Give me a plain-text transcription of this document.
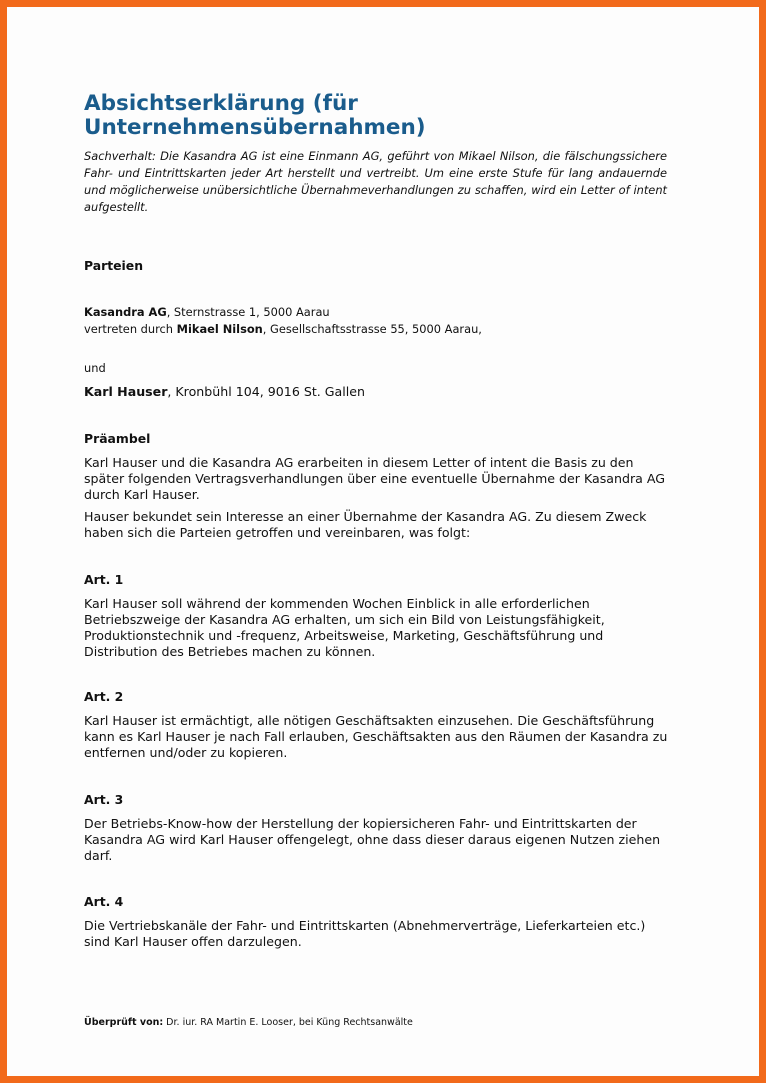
Absichtserklärung (für Unternehmensübernahmen)

Sachverhalt: Die Kasandra AG ist eine Einmann AG, geführt von Mikael Nilson, die fälschungssichere Fahr- und Eintrittskarten jeder Art herstellt und vertreibt. Um eine erste Stufe für lang andauernde und möglicherweise unübersichtliche Übernahmeverhandlungen zu schaffen, wird ein Letter of intent aufgestellt.

Parteien

Kasandra AG, Sternstrasse 1, 5000 Aarau

vertreten durch Mikael Nilson, Gesellschaftsstrasse 55, 5000 Aarau,

und

Karl Hauser, Kronbühl 104, 9016 St. Gallen

Präambel

Karl Hauser und die Kasandra AG erarbeiten in diesem Letter of intent die Basis zu den später folgenden Vertragsverhandlungen über eine eventuelle Übernahme der Kasandra AG durch Karl Hauser.

Hauser bekundet sein Interesse an einer Übernahme der Kasandra AG. Zu diesem Zweck haben sich die Parteien getroffen und vereinbaren, was folgt:

Art. 1

Karl Hauser soll während der kommenden Wochen Einblick in alle erforderlichen Betriebszweige der Kasandra AG erhalten, um sich ein Bild von Leistungsfähigkeit, Produktionstechnik und -frequenz, Arbeitsweise, Marketing, Geschäftsführung und Distribution des Betriebes machen zu können.

Art. 2

Karl Hauser ist ermächtigt, alle nötigen Geschäftsakten einzusehen. Die Geschäftsführung kann es Karl Hauser je nach Fall erlauben, Geschäftsakten aus den Räumen der Kasandra zu entfernen und/oder zu kopieren.

Art. 3

Der Betriebs-Know-how der Herstellung der kopiersicheren Fahr- und Eintrittskarten der Kasandra AG wird Karl Hauser offengelegt, ohne dass dieser daraus eigenen Nutzen ziehen darf.

Art. 4

Die Vertriebskanäle der Fahr- und Eintrittskarten (Abnehmerverträge, Lieferkarteien etc.) sind Karl Hauser offen darzulegen.

Überprüft von: Dr. iur. RA Martin E. Looser, bei Küng Rechtsanwälte
